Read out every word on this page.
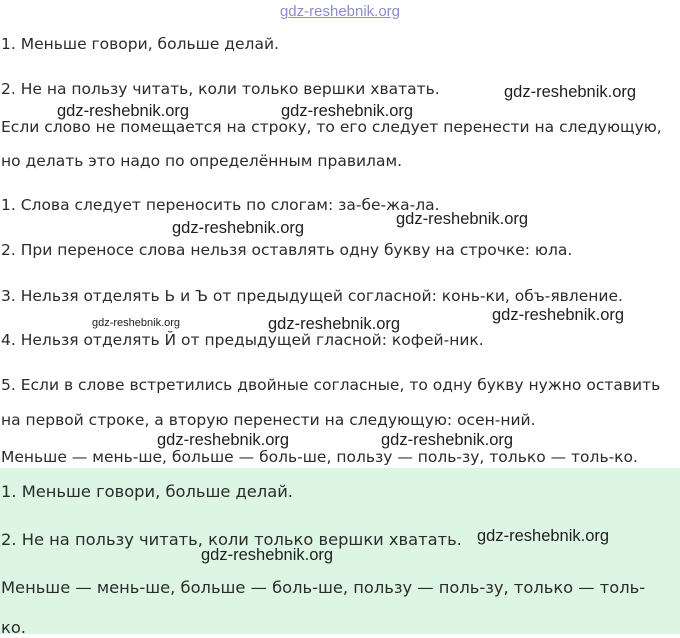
gdz-reshebnik.org

1. Меньше говори, больше делай.

2. Не на пользу читать, коли только вершки хватать.

Если слово не помещается на строку, то его следует перенести на следующую,

но делать это надо по определённым правилам.

1. Слова следует переносить по слогам: за-бе-жа-ла.

2. При переносе слова нельзя оставлять одну букву на строчке: юла.

3. Нельзя отделять Ь и Ъ от предыдущей согласной: конь-ки, объ-явление.

4. Нельзя отделять Й от предыдущей гласной: кофей-ник.

5. Если в слове встретились двойные согласные, то одну букву нужно оставить

на первой строке, а вторую перенести на следующую: осен-ний.

Меньше — мень-ше, больше — боль-ше, пользу — поль-зу, только — толь-ко.

1. Меньше говори, больше делай.

2. Не на пользу читать, коли только вершки хватать.

Меньше — мень-ше, больше — боль-ше, пользу — поль-зу, только — толь-

ко.

gdz-reshebnik.org
gdz-reshebnik.org	gdz-reshebnik.org
gdz-reshebnik.org
gdz-reshebnik.org
gdz-reshebnik.org
gdz-reshebnik.org	gdz-reshebnik.org
gdz-reshebnik.org	gdz-reshebnik.org
gdz-reshebnik.org
gdz-reshebnik.org
